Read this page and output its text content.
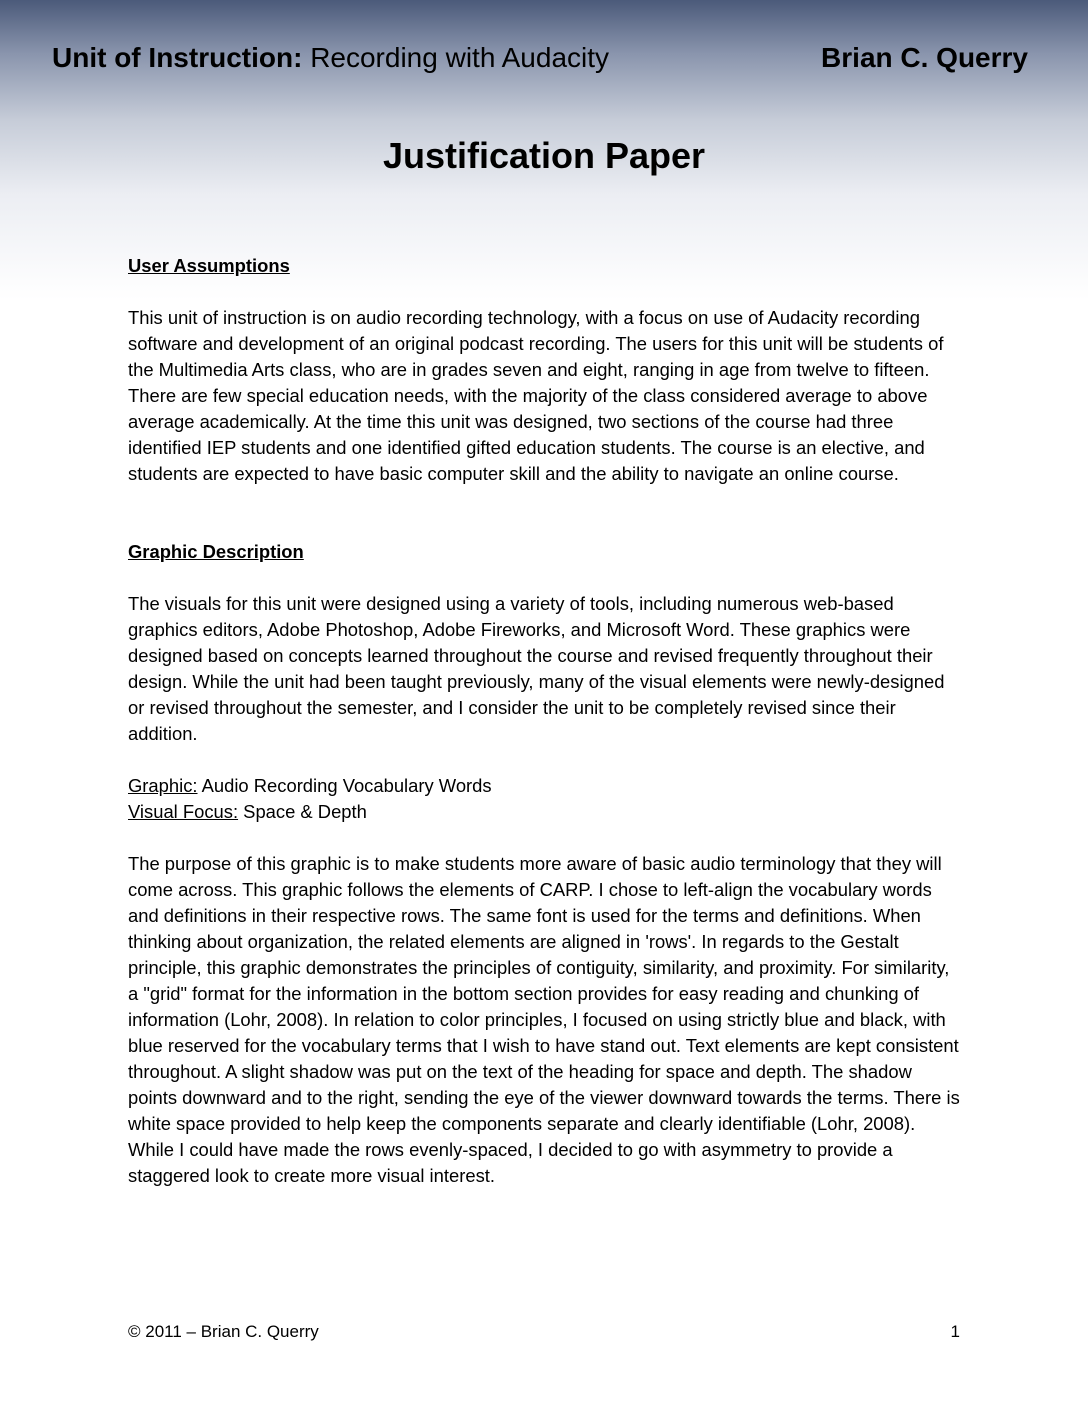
Unit of Instruction: Recording with Audacity	Brian C. Querry
Justification Paper

User Assumptions

This unit of instruction is on audio recording technology, with a focus on use of Audacity recording software and development of an original podcast recording. The users for this unit will be students of the Multimedia Arts class, who are in grades seven and eight, ranging in age from twelve to fifteen. There are few special education needs, with the majority of the class considered average to above average academically. At the time this unit was designed, two sections of the course had three identified IEP students and one identified gifted education students. The course is an elective, and students are expected to have basic computer skill and the ability to navigate an online course.

Graphic Description

The visuals for this unit were designed using a variety of tools, including numerous web-based graphics editors, Adobe Photoshop, Adobe Fireworks, and Microsoft Word. These graphics were designed based on concepts learned throughout the course and revised frequently throughout their design. While the unit had been taught previously, many of the visual elements were newly-designed or revised throughout the semester, and I consider the unit to be completely revised since their addition.

Graphic: Audio Recording Vocabulary Words

Visual Focus: Space & Depth

The purpose of this graphic is to make students more aware of basic audio terminology that they will come across. This graphic follows the elements of CARP. I chose to left-align the vocabulary words and definitions in their respective rows. The same font is used for the terms and definitions. When thinking about organization, the related elements are aligned in 'rows'. In regards to the Gestalt principle, this graphic demonstrates the principles of contiguity, similarity, and proximity. For similarity, a "grid" format for the information in the bottom section provides for easy reading and chunking of information (Lohr, 2008). In relation to color principles, I focused on using strictly blue and black, with blue reserved for the vocabulary terms that I wish to have stand out. Text elements are kept consistent throughout. A slight shadow was put on the text of the heading for space and depth. The shadow points downward and to the right, sending the eye of the viewer downward towards the terms. There is white space provided to help keep the components separate and clearly identifiable (Lohr, 2008). While I could have made the rows evenly-spaced, I decided to go with asymmetry to provide a staggered look to create more visual interest.

© 2011 – Brian C. Querry	1
